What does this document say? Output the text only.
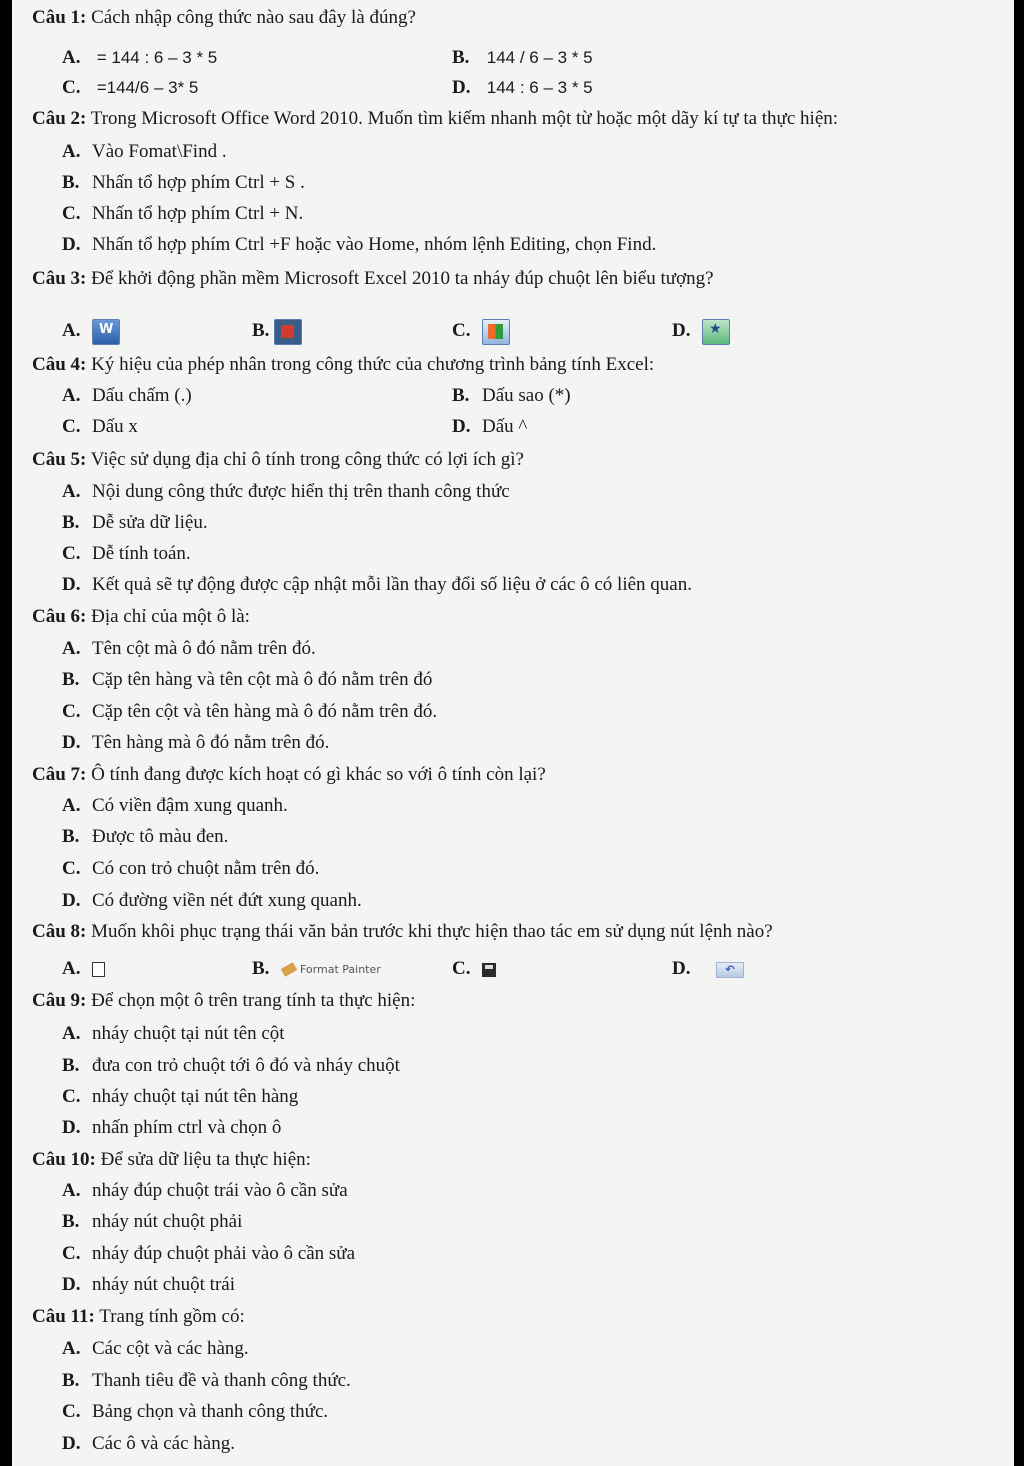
Câu 1: Cách nhập công thức nào sau đây là đúng?
A. = 144 : 6 – 3 * 5	B. 144 / 6 – 3 * 5
C. =144/6 – 3* 5	D. 144 : 6 – 3 * 5
Câu 2: Trong Microsoft Office Word 2010. Muốn tìm kiếm nhanh một từ hoặc một dãy kí tự ta thực hiện:
A. Vào Fomat\Find .
B. Nhấn tổ hợp phím Ctrl + S .
C. Nhấn tổ hợp phím Ctrl + N.
D. Nhấn tổ hợp phím Ctrl +F hoặc vào Home, nhóm lệnh Editing, chọn Find.
Câu 3: Để khởi động phần mềm Microsoft Excel 2010 ta nháy đúp chuột lên biểu tượng?
A.W	B.	C.	D.★
Câu 4: Ký hiệu của phép nhân trong công thức của chương trình bảng tính Excel:
A. Dấu chấm (.)	B. Dấu sao (*)
C. Dấu x	D. Dấu ^
Câu 5: Việc sử dụng địa chỉ ô tính trong công thức có lợi ích gì?
A. Nội dung công thức được hiển thị trên thanh công thức
B. Dễ sửa dữ liệu.
C. Dễ tính toán.
D. Kết quả sẽ tự động được cập nhật mỗi lần thay đổi số liệu ở các ô có liên quan.
Câu 6: Địa chỉ của một ô là:
A. Tên cột mà ô đó nằm trên đó.
B. Cặp tên hàng và tên cột mà ô đó nằm trên đó
C. Cặp tên cột và tên hàng mà ô đó nằm trên đó.
D. Tên hàng mà ô đó nằm trên đó.
Câu 7: Ô tính đang được kích hoạt có gì khác so với ô tính còn lại?
A. Có viền đậm xung quanh.
B. Được tô màu đen.
C. Có con trỏ chuột nằm trên đó.
D. Có đường viền nét đứt xung quanh.
Câu 8: Muốn khôi phục trạng thái văn bản trước khi thực hiện thao tác em sử dụng nút lệnh nào?
A.	B.	Format Painter	C.	D.	↶
Câu 9: Để chọn một ô trên trang tính ta thực hiện:
A. nháy chuột tại nút tên cột
B. đưa con trỏ chuột tới ô đó và nháy chuột
C. nháy chuột tại nút tên hàng
D. nhấn phím ctrl và chọn ô
Câu 10: Để sửa dữ liệu ta thực hiện:
A. nháy đúp chuột trái vào ô cần sửa
B. nháy nút chuột phải
C. nháy đúp chuột phải vào ô cần sửa
D. nháy nút chuột trái
Câu 11: Trang tính gồm có:
A. Các cột và các hàng.
B. Thanh tiêu đề và thanh công thức.
C. Bảng chọn và thanh công thức.
D. Các ô và các hàng.
